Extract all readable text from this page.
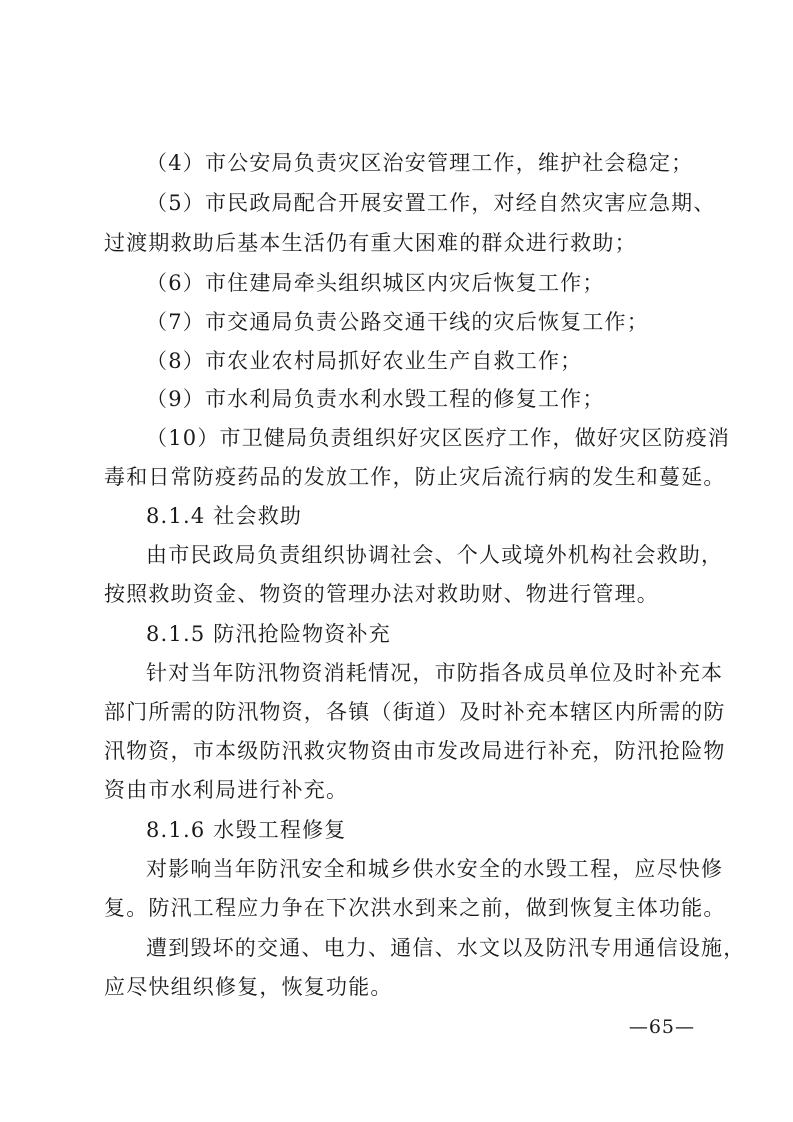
（4）市公安局负责灾区治安管理工作，维护社会稳定；
（5）市民政局配合开展安置工作，对经自然灾害应急期、
过渡期救助后基本生活仍有重大困难的群众进行救助；
（6）市住建局牵头组织城区内灾后恢复工作；
（7）市交通局负责公路交通干线的灾后恢复工作；
（8）市农业农村局抓好农业生产自救工作；
（9）市水利局负责水利水毁工程的修复工作；
（10）市卫健局负责组织好灾区医疗工作，做好灾区防疫消
毒和日常防疫药品的发放工作，防止灾后流行病的发生和蔓延。
8.1.4 社会救助
由市民政局负责组织协调社会、个人或境外机构社会救助，
按照救助资金、物资的管理办法对救助财、物进行管理。
8.1.5 防汛抢险物资补充
针对当年防汛物资消耗情况，市防指各成员单位及时补充本
部门所需的防汛物资，各镇（街道）及时补充本辖区内所需的防
汛物资，市本级防汛救灾物资由市发改局进行补充，防汛抢险物
资由市水利局进行补充。
8.1.6 水毁工程修复
对影响当年防汛安全和城乡供水安全的水毁工程，应尽快修
复。防汛工程应力争在下次洪水到来之前，做到恢复主体功能。
遭到毁坏的交通、电力、通信、水文以及防汛专用通信设施，
应尽快组织修复，恢复功能。
—65—
